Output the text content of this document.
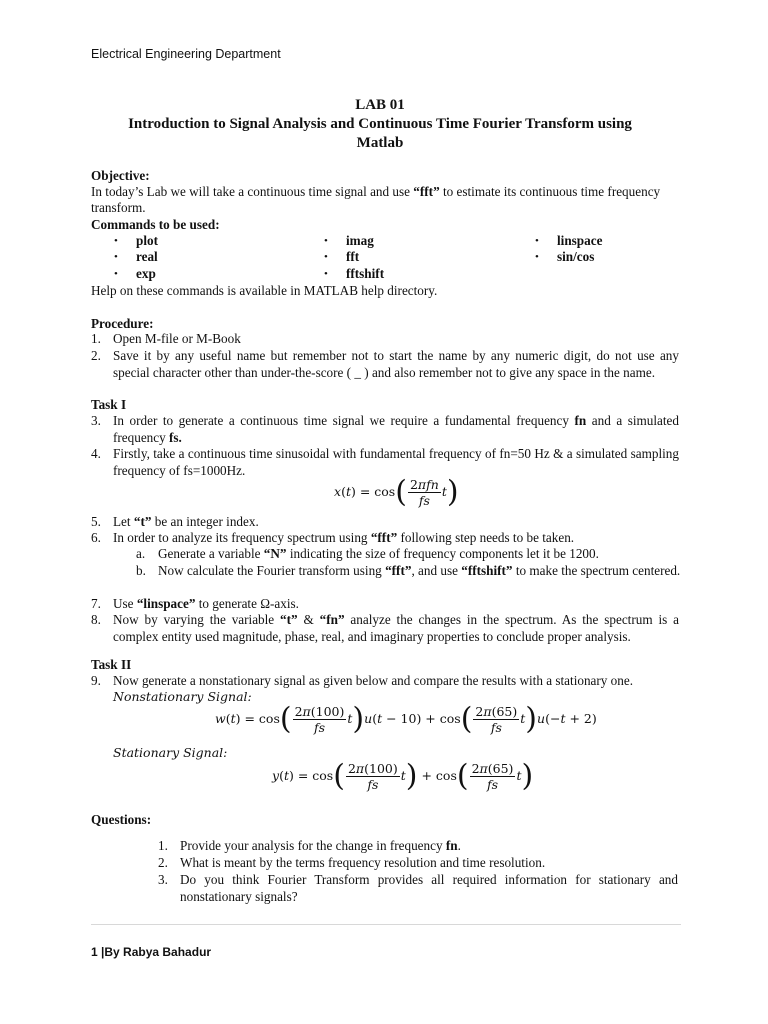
Electrical Engineering Department
LAB 01
Introduction to Signal Analysis and Continuous Time Fourier Transform using
Matlab
Objective:
In today’s Lab we will take a continuous time signal and use “fft” to estimate its continuous time frequency
transform.
Commands to be used:
• plot
• real
• exp
• imag
• fft
• fftshift
• linspace
• sin/cos
Help on these commands is available in MATLAB help directory.
Procedure:
1. Open M-file or M-Book
2. Save it by any useful name but remember not to start the name by any numeric digit, do not use any special character other than under-the-score ( _ ) and also remember not to give any space in the name.
Task I
3. In order to generate a continuous time signal we require a fundamental frequency fn and a simulated frequency fs.
4. Firstly, take a continuous time sinusoidal with fundamental frequency of fn=50 Hz & a simulated sampling frequency of fs=1000Hz.
$x(t) = \cos( \frac{\text{2πfn}}{fs} t)$
5. Let “t” be an integer index.
6. In order to analyze its frequency spectrum using “fft” following step needs to be taken.
a. Generate a variable “N” indicating the size of frequency components let it be 1200.
b. Now calculate the Fourier transform using “fft”, and use “fftshift” to make the spectrum centered.
7. Use “linspace” to generate Ω-axis.
8. Now by varying the variable “t” & “fn” analyze the changes in the spectrum. As the spectrum is a complex entity used magnitude, phase, real, and imaginary properties to conclude proper analysis.
Task II
9. Now generate a nonstationary signal as given below and compare the results with a stationary one.
Nonstationary Signal:
$w(t) = \cos( \frac{2\pi(100)}{fs} t)u(t - 10) + \cos( \frac{2\pi(65)}{fs} t)u(-t + 2)$
Stationary Signal:
$y(t) = \cos( \frac{2\pi(100)}{fs} t) + \cos( \frac{2\pi(65)}{fs} t)$
Questions:
1. Provide your analysis for the change in frequency fn.
2. What is meant by the terms frequency resolution and time resolution.
3. Do you think Fourier Transform provides all required information for stationary and nonstationary signals?
1 |By Rabya Bahadur
